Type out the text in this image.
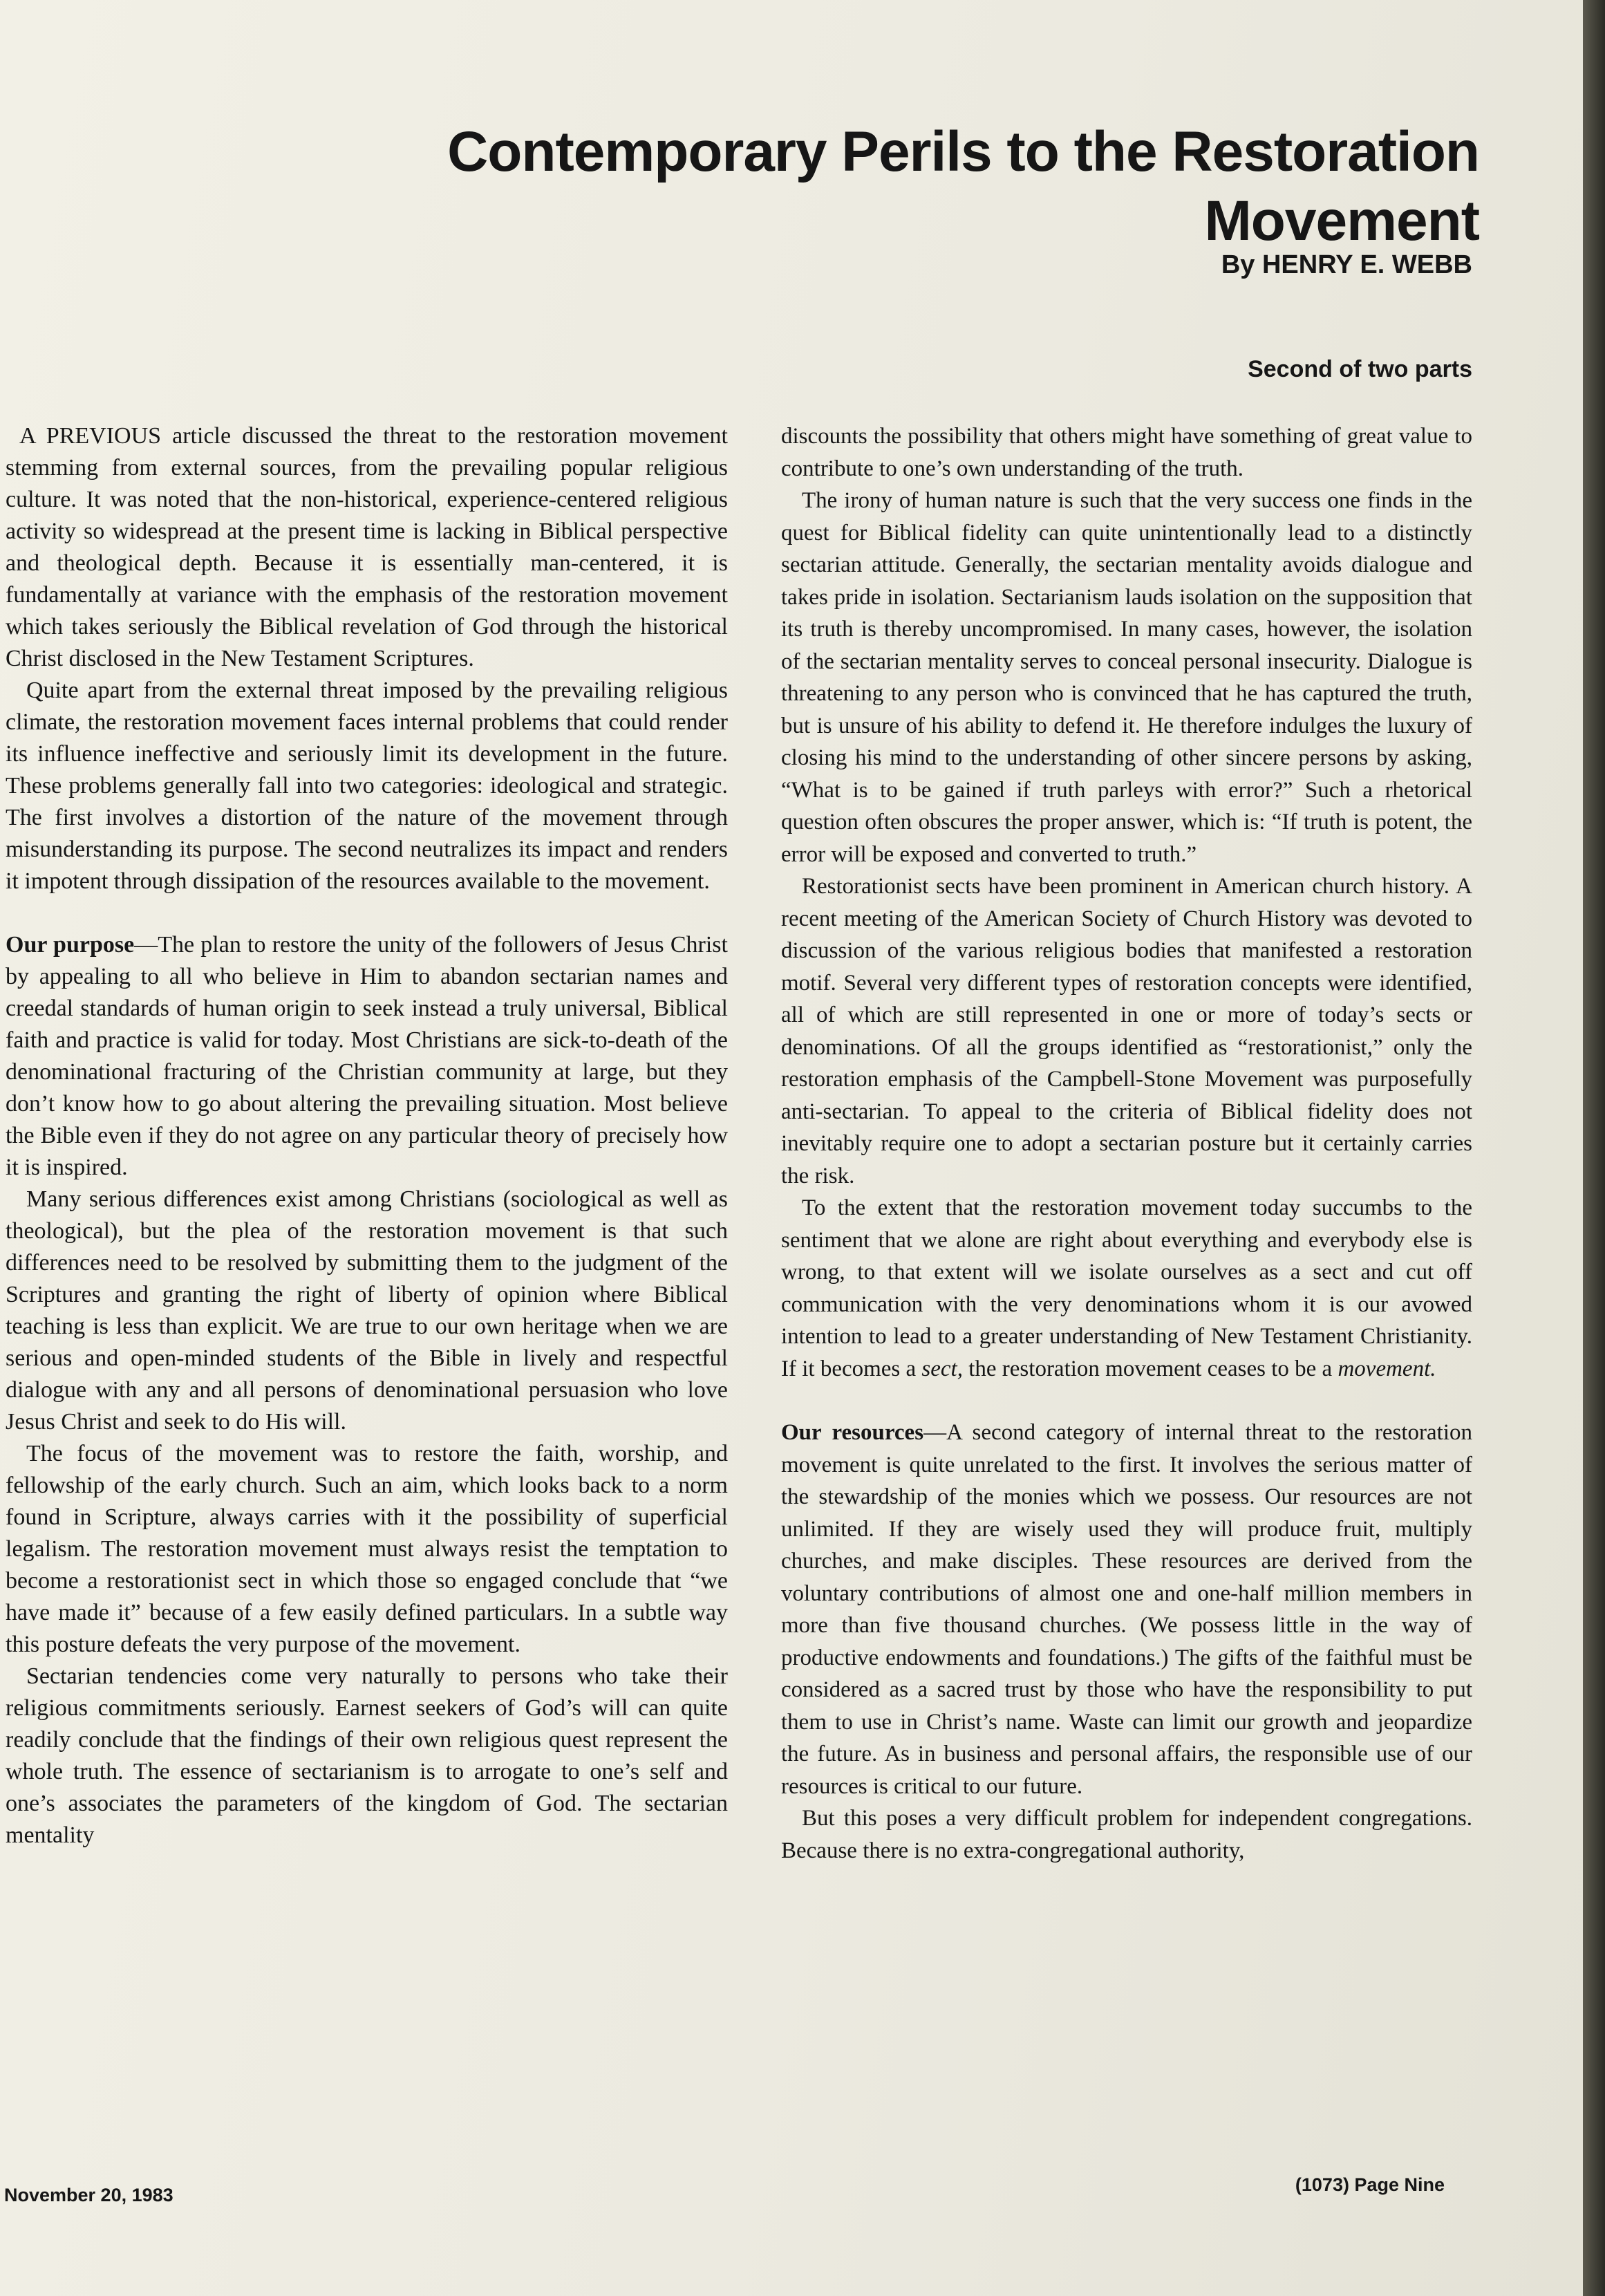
Contemporary Perils to the Restoration Movement
By HENRY E. WEBB
Second of two parts

A PREVIOUS article discussed the threat to the restoration movement stemming from external sources, from the prevailing popular religious culture. It was noted that the non-historical, experience-centered religious activity so widespread at the present time is lacking in Biblical perspective and theological depth. Because it is essentially man-centered, it is fundamentally at variance with the emphasis of the restoration movement which takes seriously the Biblical revelation of God through the historical Christ disclosed in the New Testament Scriptures.

Quite apart from the external threat imposed by the prevailing religious climate, the restoration movement faces internal problems that could render its influence ineffective and seriously limit its development in the future. These problems generally fall into two categories: ideological and strategic. The first involves a distortion of the nature of the movement through misunderstanding its purpose. The second neutralizes its impact and renders it impotent through dissipation of the resources available to the movement.

Our purpose—The plan to restore the unity of the followers of Jesus Christ by appealing to all who believe in Him to abandon sectarian names and creedal standards of human origin to seek instead a truly universal, Biblical faith and practice is valid for today. Most Christians are sick-to-death of the denominational fracturing of the Christian community at large, but they don’t know how to go about altering the prevailing situation. Most believe the Bible even if they do not agree on any particular theory of precisely how it is inspired.

Many serious differences exist among Christians (sociological as well as theological), but the plea of the restoration movement is that such differences need to be resolved by submitting them to the judgment of the Scriptures and granting the right of liberty of opinion where Biblical teaching is less than explicit. We are true to our own heritage when we are serious and open-minded students of the Bible in lively and respectful dialogue with any and all persons of denominational persuasion who love Jesus Christ and seek to do His will.

The focus of the movement was to restore the faith, worship, and fellowship of the early church. Such an aim, which looks back to a norm found in Scripture, always carries with it the possibility of superficial legalism. The restoration movement must always resist the temptation to become a restorationist sect in which those so engaged conclude that “we have made it” because of a few easily defined particulars. In a subtle way this posture defeats the very purpose of the movement.

Sectarian tendencies come very naturally to persons who take their religious commitments seriously. Earnest seekers of God’s will can quite readily conclude that the findings of their own religious quest represent the whole truth. The essence of sectarianism is to arrogate to one’s self and one’s associates the parameters of the kingdom of God. The sectarian mentality

discounts the possibility that others might have something of great value to contribute to one’s own understanding of the truth.

The irony of human nature is such that the very success one finds in the quest for Biblical fidelity can quite unintentionally lead to a distinctly sectarian attitude. Generally, the sectarian mentality avoids dialogue and takes pride in isolation. Sectarianism lauds isolation on the supposition that its truth is thereby uncompromised. In many cases, however, the isolation of the sectarian mentality serves to conceal personal insecurity. Dialogue is threatening to any person who is convinced that he has captured the truth, but is unsure of his ability to defend it. He therefore indulges the luxury of closing his mind to the understanding of other sincere persons by asking, “What is to be gained if truth parleys with error?” Such a rhetorical question often obscures the proper answer, which is: “If truth is potent, the error will be exposed and converted to truth.”

Restorationist sects have been prominent in American church history. A recent meeting of the American Society of Church History was devoted to discussion of the various religious bodies that manifested a restoration motif. Several very different types of restoration concepts were identified, all of which are still represented in one or more of today’s sects or denominations. Of all the groups identified as “restorationist,” only the restoration emphasis of the Campbell-Stone Movement was purposefully anti-sectarian. To appeal to the criteria of Biblical fidelity does not inevitably require one to adopt a sectarian posture but it certainly carries the risk.

To the extent that the restoration movement today succumbs to the sentiment that we alone are right about everything and everybody else is wrong, to that extent will we isolate ourselves as a sect and cut off communication with the very denominations whom it is our avowed intention to lead to a greater understanding of New Testament Christianity. If it becomes a sect, the restoration movement ceases to be a movement.

Our resources—A second category of internal threat to the restoration movement is quite unrelated to the first. It involves the serious matter of the stewardship of the monies which we possess. Our resources are not unlimited. If they are wisely used they will produce fruit, multiply churches, and make disciples. These resources are derived from the voluntary contributions of almost one and one-half million members in more than five thousand churches. (We possess little in the way of productive endowments and foundations.) The gifts of the faithful must be considered as a sacred trust by those who have the responsibility to put them to use in Christ’s name. Waste can limit our growth and jeopardize the future. As in business and personal affairs, the responsible use of our resources is critical to our future.

But this poses a very difficult problem for independent congregations. Because there is no extra-congregational authority,

November 20, 1983	(1073) Page Nine
